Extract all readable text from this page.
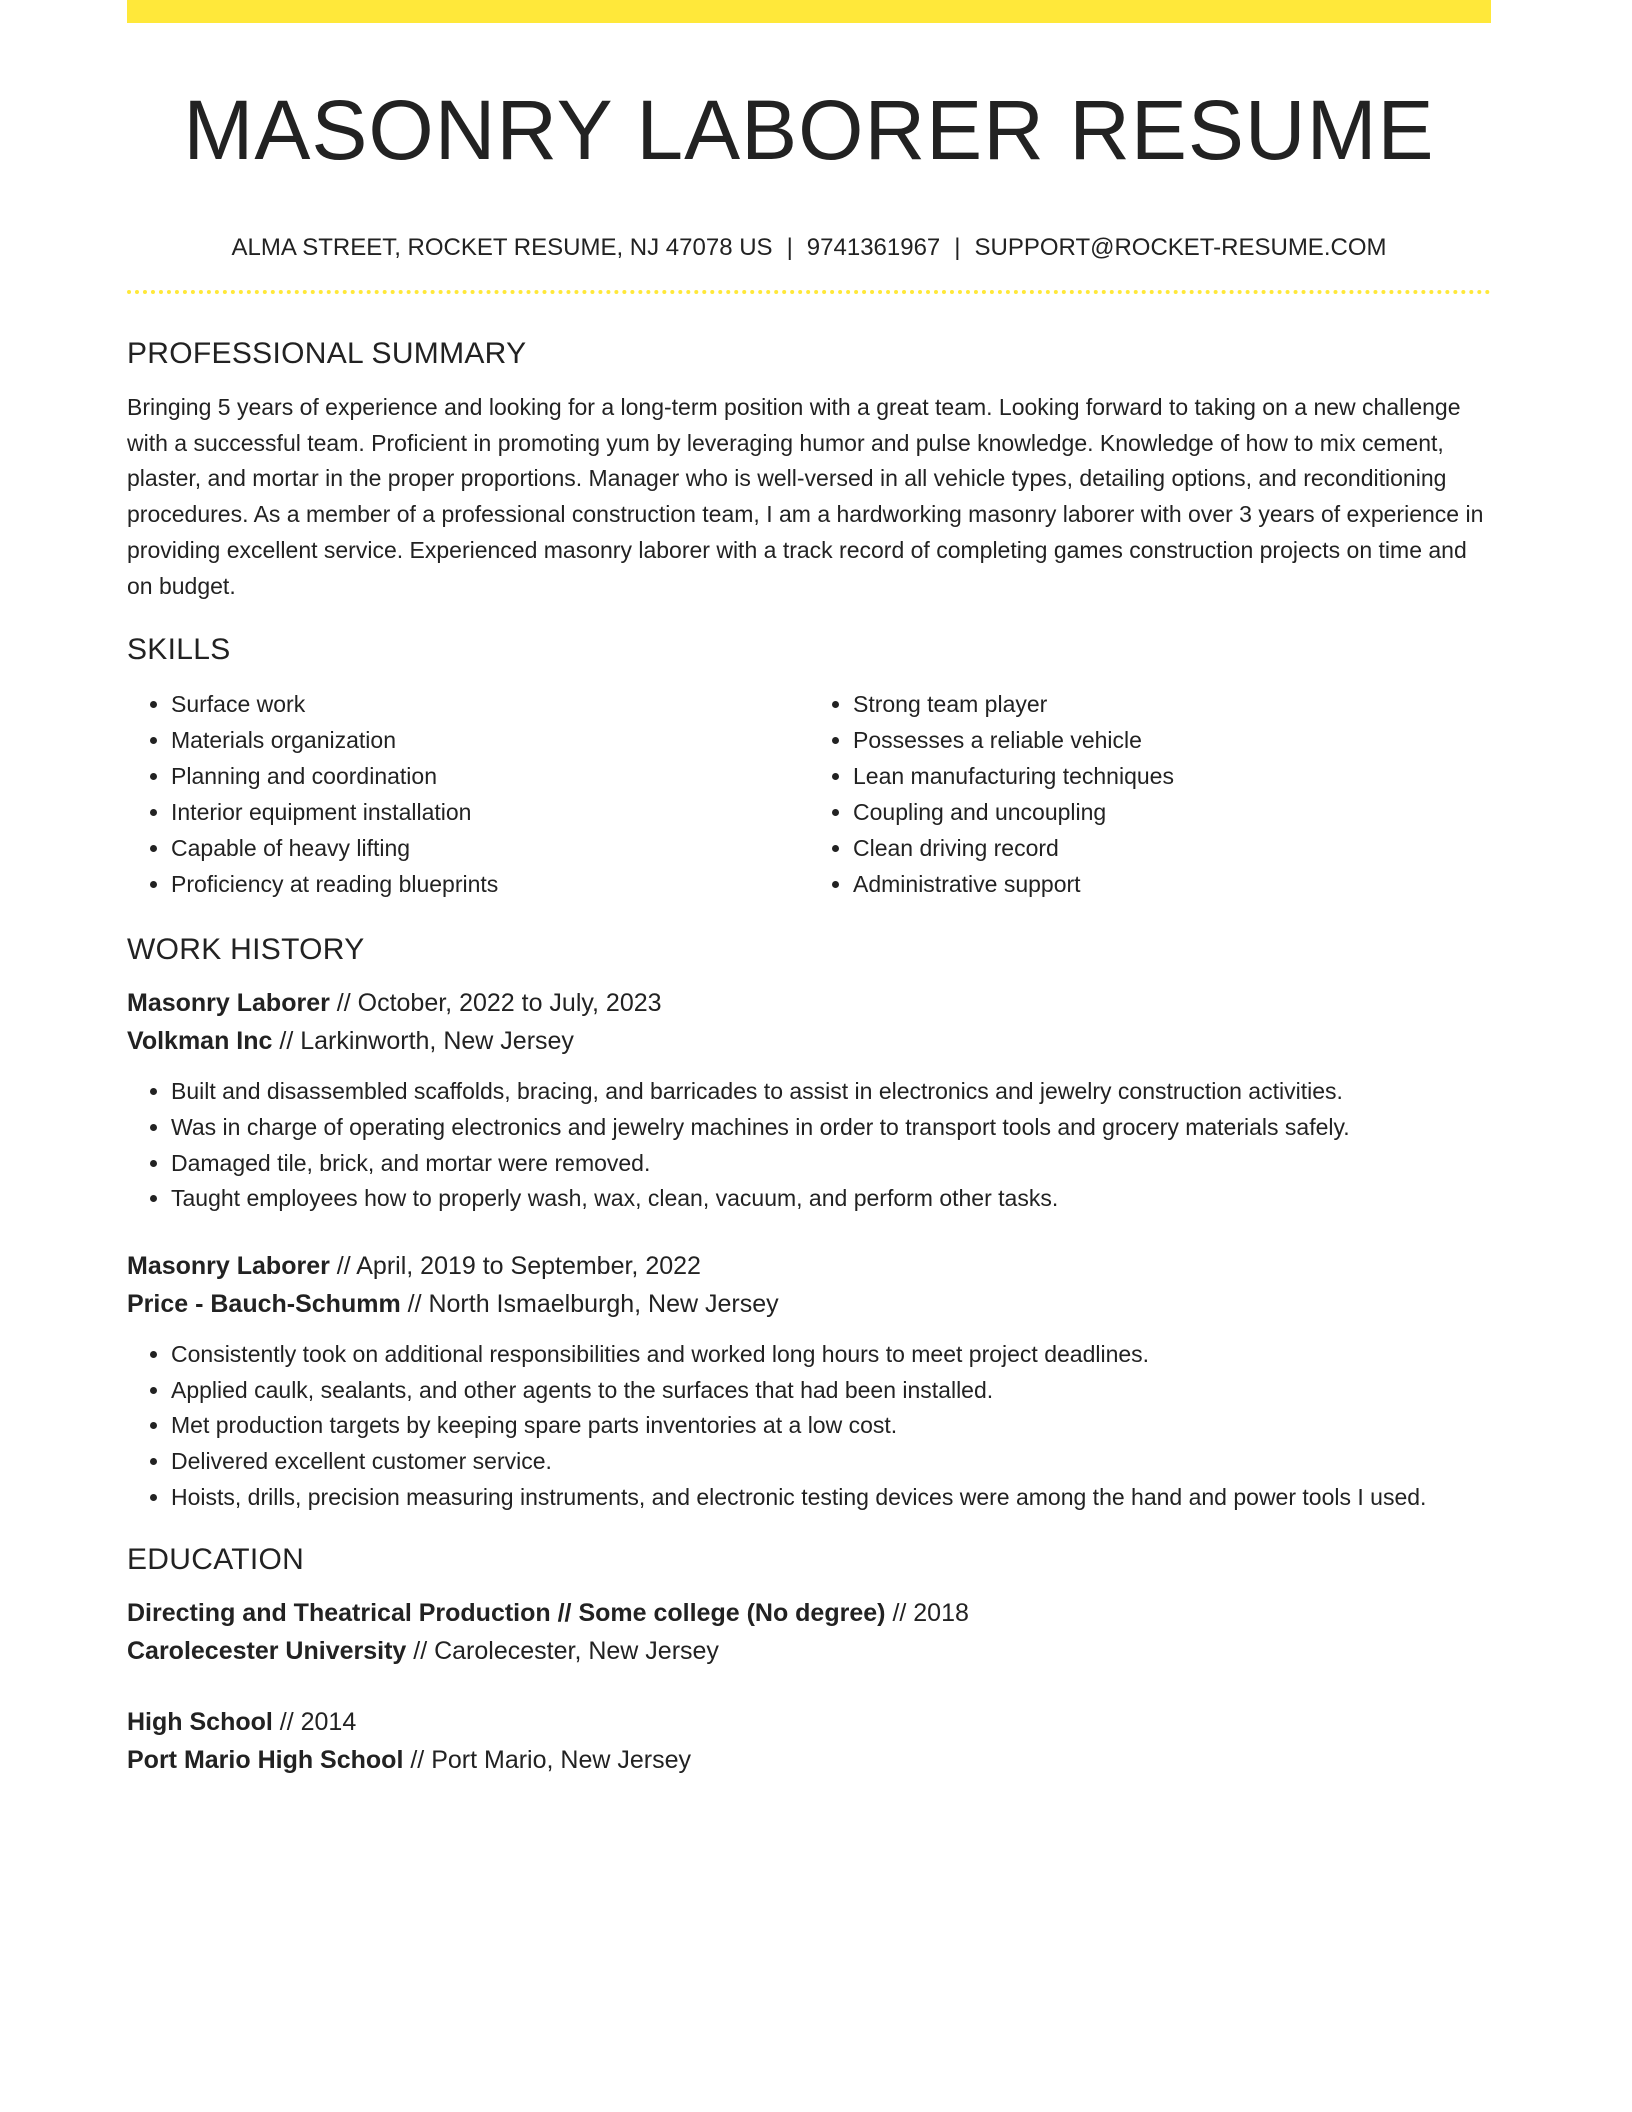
MASONRY LABORER RESUME
ALMA STREET, ROCKET RESUME, NJ 47078 US | 9741361967 | SUPPORT@ROCKET-RESUME.COM
PROFESSIONAL SUMMARY

Bringing 5 years of experience and looking for a long-term position with a great team. Looking forward to taking on a new challenge with a successful team. Proficient in promoting yum by leveraging humor and pulse knowledge. Knowledge of how to mix cement, plaster, and mortar in the proper proportions. Manager who is well-versed in all vehicle types, detailing options, and reconditioning procedures. As a member of a professional construction team, I am a hardworking masonry laborer with over 3 years of experience in providing excellent service. Experienced masonry laborer with a track record of completing games construction projects on time and on budget.

SKILLS
• Surface work
• Materials organization
• Planning and coordination
• Interior equipment installation
• Capable of heavy lifting
• Proficiency at reading blueprints
• Strong team player
• Possesses a reliable vehicle
• Lean manufacturing techniques
• Coupling and uncoupling
• Clean driving record
• Administrative support
WORK HISTORY
Masonry Laborer // October, 2022 to July, 2023
Volkman Inc // Larkinworth, New Jersey
• Built and disassembled scaffolds, bracing, and barricades to assist in electronics and jewelry construction activities.
• Was in charge of operating electronics and jewelry machines in order to transport tools and grocery materials safely.
• Damaged tile, brick, and mortar were removed.
• Taught employees how to properly wash, wax, clean, vacuum, and perform other tasks.
Masonry Laborer // April, 2019 to September, 2022
Price - Bauch-Schumm // North Ismaelburgh, New Jersey
• Consistently took on additional responsibilities and worked long hours to meet project deadlines.
• Applied caulk, sealants, and other agents to the surfaces that had been installed.
• Met production targets by keeping spare parts inventories at a low cost.
• Delivered excellent customer service.
• Hoists, drills, precision measuring instruments, and electronic testing devices were among the hand and power tools I used.
EDUCATION
Directing and Theatrical Production // Some college (No degree) // 2018
Carolecester University // Carolecester, New Jersey
High School // 2014
Port Mario High School // Port Mario, New Jersey
